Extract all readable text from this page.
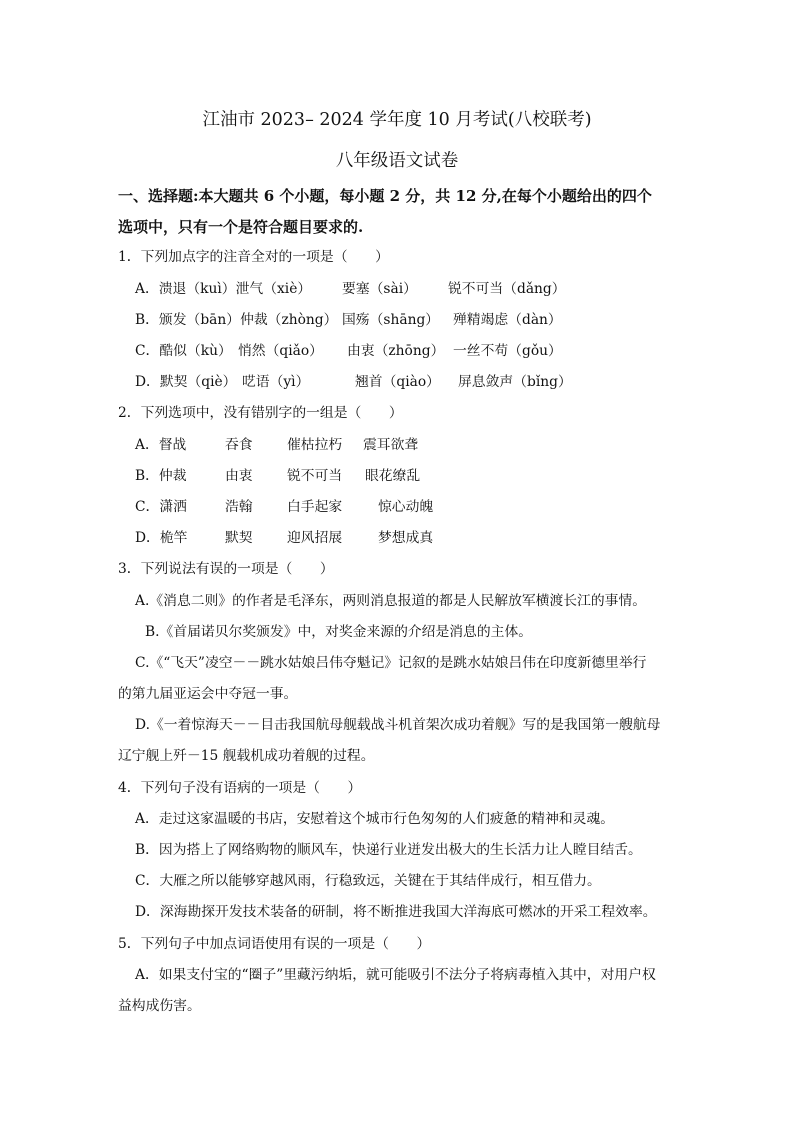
江油市 2023– 2024 学年度 10 月考试(八校联考)
八年级语文试卷
一、选择题:本大题共 6 个小题，每小题 2 分，共 12 分,在每个小题给出的四个
选项中，只有一个是符合题目要求的.
1．下列加点字的注音全对的一项是（　　）
A．溃退（kuì）泄气（xiè） 要塞（sài） 锐不可当（dǎng）
B．颁发（bān）仲裁（zhòng） 国殇（shāng） 殚精竭虑（dàn）
C．酷似（kù） 悄然（qiǎo） 由衷（zhōng） 一丝不苟（gǒu）
D．默契（qiè） 呓语（yì）	翘首（qiào） 屏息敛声（bǐng）
2．下列选项中，没有错别字的一组是（　　）
A．督战	吞食 催枯拉朽 震耳欲聋
B．仲裁	由衷 锐不可当 眼花缭乱
C．潇洒	浩翰 白手起家	惊心动魄
D．桅竿	默契 迎风招展	梦想成真
3．下列说法有误的一项是（　　）
A.《消息二则》的作者是毛泽东，两则消息报道的都是人民解放军横渡长江的事情。
B.《首届诺贝尔奖颁发》中，对奖金来源的介绍是消息的主体。
C.《“飞天”凌空－－跳水姑娘吕伟夺魁记》记叙的是跳水姑娘吕伟在印度新德里举行
的第九届亚运会中夺冠一事。
D.《一着惊海天－－目击我国航母舰载战斗机首架次成功着舰》写的是我国第一艘航母
辽宁舰上歼－15 舰载机成功着舰的过程。
4．下列句子没有语病的一项是（　　）
A．走过这家温暖的书店，安慰着这个城市行色匆匆的人们疲惫的精神和灵魂。
B．因为搭上了网络购物的顺风车，快递行业迸发出极大的生长活力让人瞠目结舌。
C．大雁之所以能够穿越风雨，行稳致远，关键在于其结伴成行，相互借力。
D．深海勘探开发技术装备的研制，将不断推进我国大洋海底可燃冰的开采工程效率。
5．下列句子中加点词语使用有误的一项是（　　）
A．如果支付宝的“圈子”里藏污纳垢，就可能吸引不法分子将病毒植入其中，对用户权
益构成伤害。
